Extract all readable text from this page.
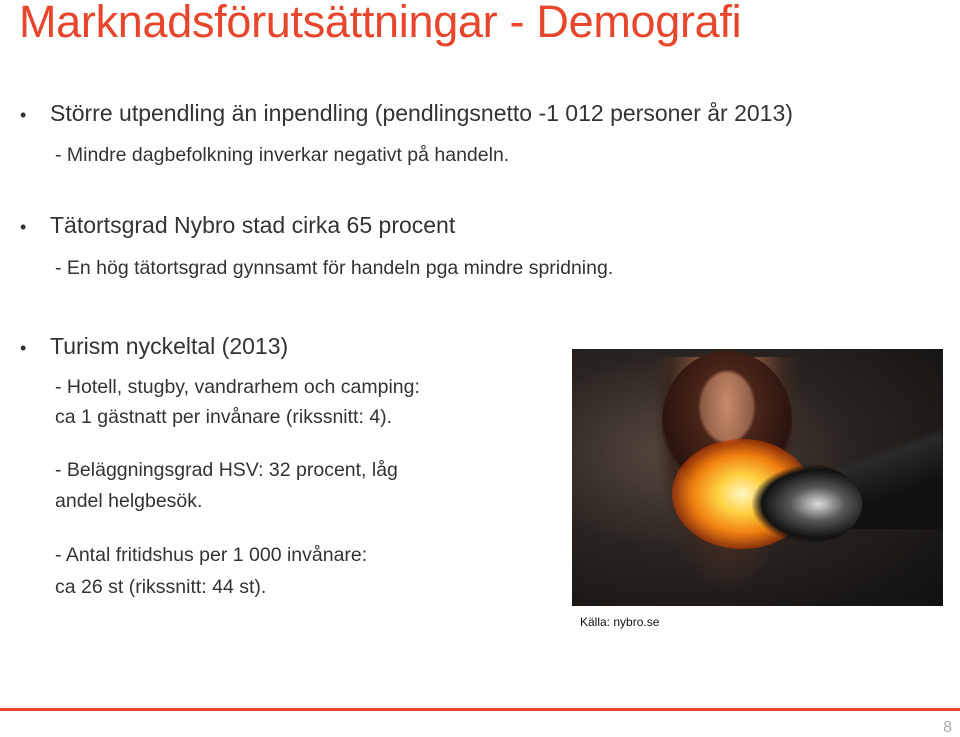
Marknadsförutsättningar - Demografi
•	Större utpendling än inpendling (pendlingsnetto -1 012 personer år 2013)
- Mindre dagbefolkning inverkar negativt på handeln.
•	Tätortsgrad Nybro stad cirka 65 procent
- En hög tätortsgrad gynnsamt för handeln pga mindre spridning.
•	Turism nyckeltal (2013)
- Hotell, stugby, vandrarhem och camping:
ca 1 gästnatt per invånare (rikssnitt: 4).
- Beläggningsgrad HSV: 32 procent, låg
andel helgbesök.
- Antal fritidshus per 1 000 invånare:
ca 26 st (rikssnitt: 44 st).
Källa: nybro.se
8
